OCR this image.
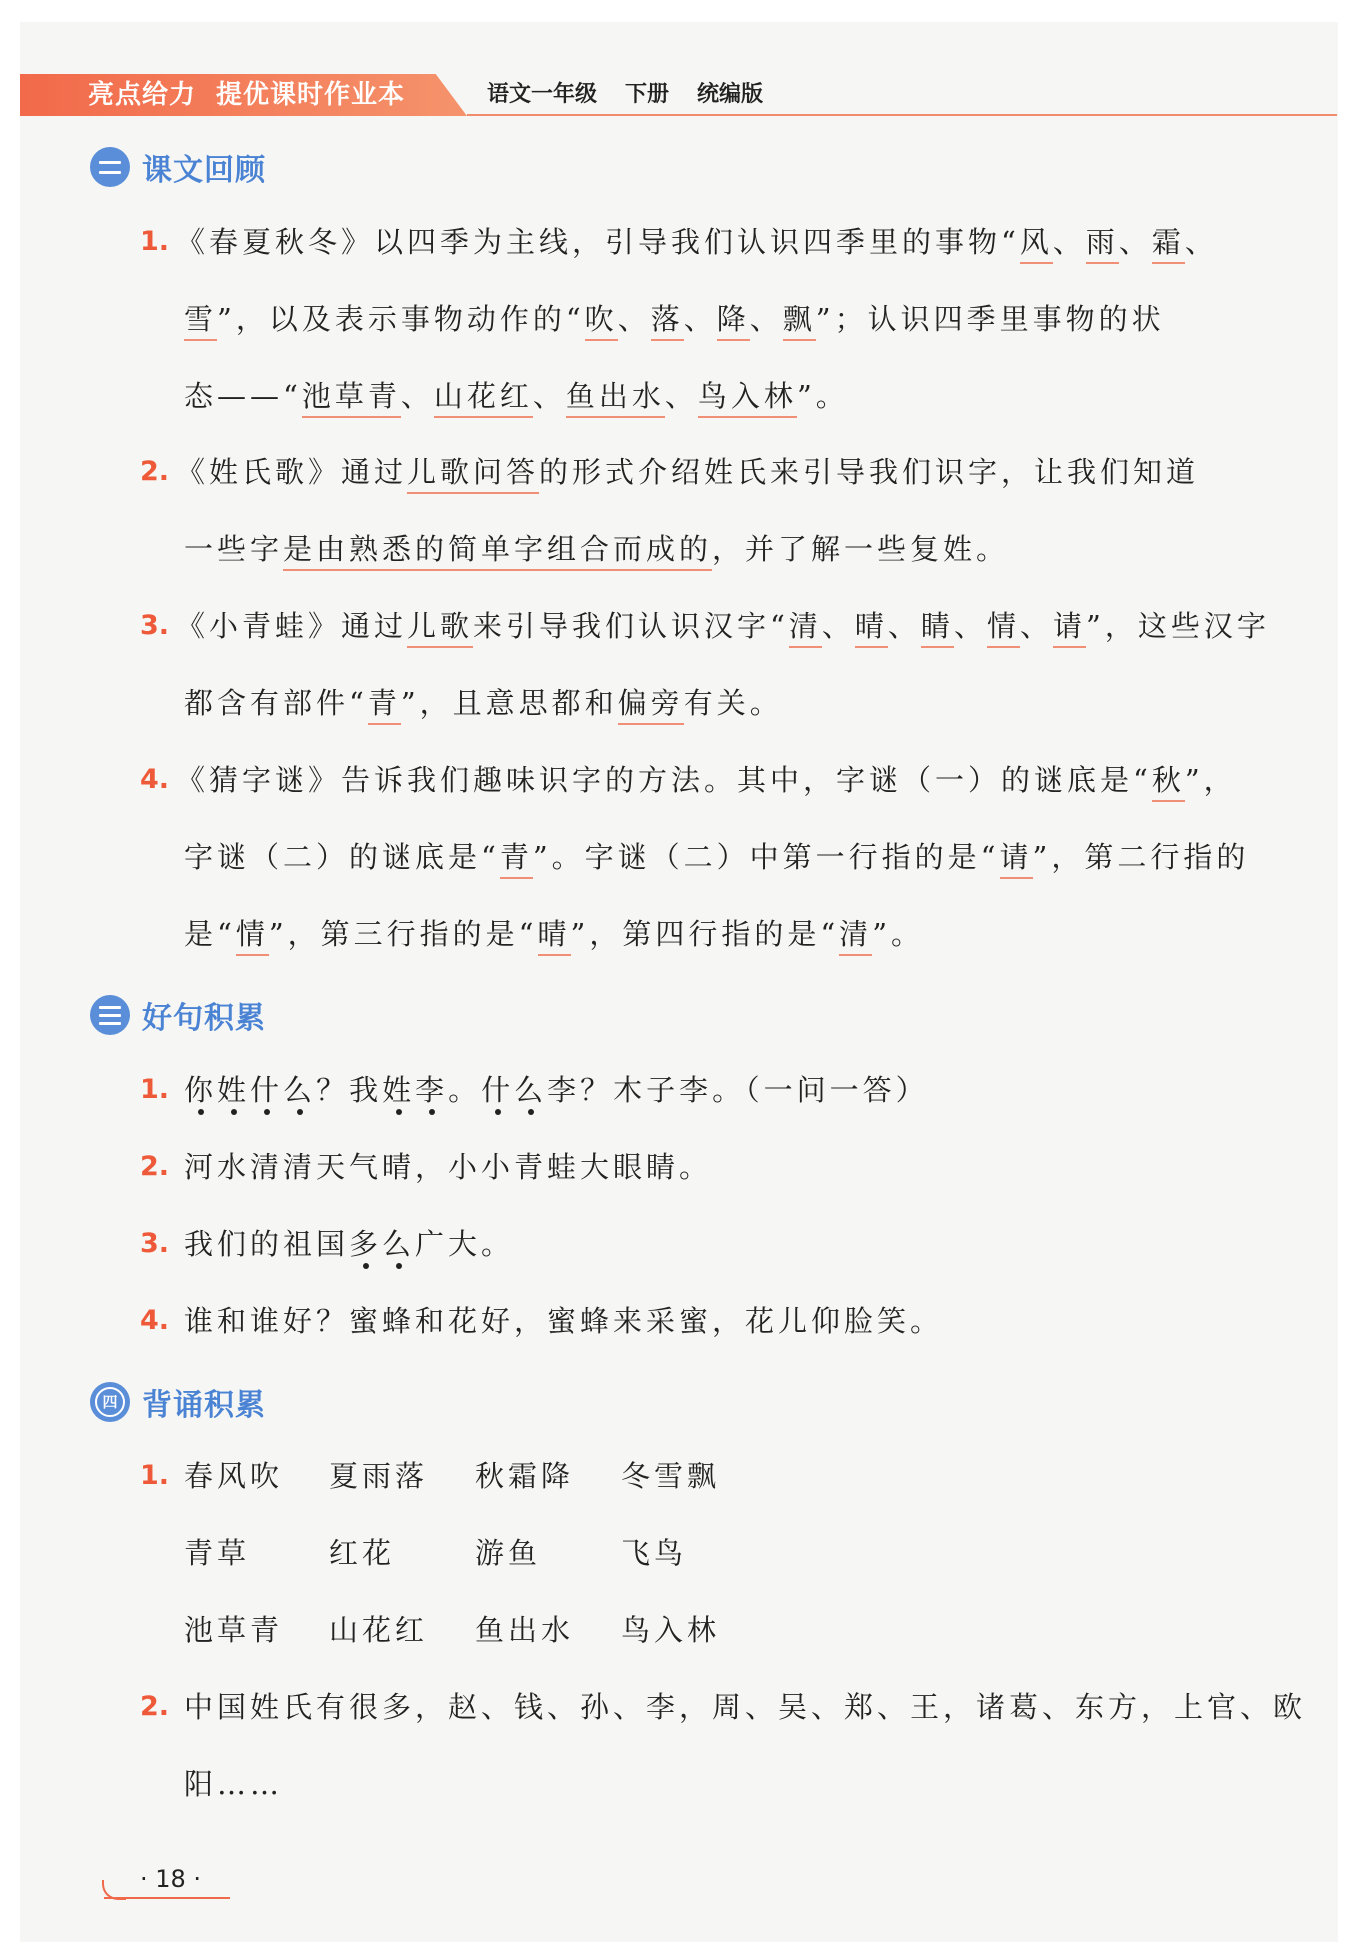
亮点给力 提优课时作业本	语文一年级 下册 统编版
课文回顾
1. 《春夏秋冬》以四季为主线，引导我们认识四季里的事物“风、雨、霜、
雪”，以及表示事物动作的“吹、落、降、飘”；认识四季里事物的状
态——“池草青、山花红、鱼出水、鸟入林”。
2. 《姓氏歌》通过儿歌问答的形式介绍姓氏来引导我们识字，让我们知道
一些字是由熟悉的简单字组合而成的，并了解一些复姓。
3. 《小青蛙》通过儿歌来引导我们认识汉字“清、晴、睛、情、请”，这些汉字
都含有部件“青”，且意思都和偏旁有关。
4. 《猜字谜》告诉我们趣味识字的方法。其中，字谜（一）的谜底是“秋”，
字谜（二）的谜底是“青”。字谜（二）中第一行指的是“请”，第二行指的
是“情”，第三行指的是“晴”，第四行指的是“清”。
好句积累
1. 你姓什么？我姓李。什么李？木子李。（一问一答）
2. 河水清清天气晴，小小青蛙大眼睛。
3. 我们的祖国多么广大。
4. 谁和谁好？蜜蜂和花好，蜜蜂来采蜜，花儿仰脸笑。
四 背诵积累
1. 春风吹 夏雨落 秋霜降 冬雪飘
青草	红花	游鱼	飞鸟
池草青 山花红 鱼出水 鸟入林
2. 中国姓氏有很多，赵、钱、孙、李，周、吴、郑、王，诸葛、东方，上官、欧
阳……
· 18 ·
